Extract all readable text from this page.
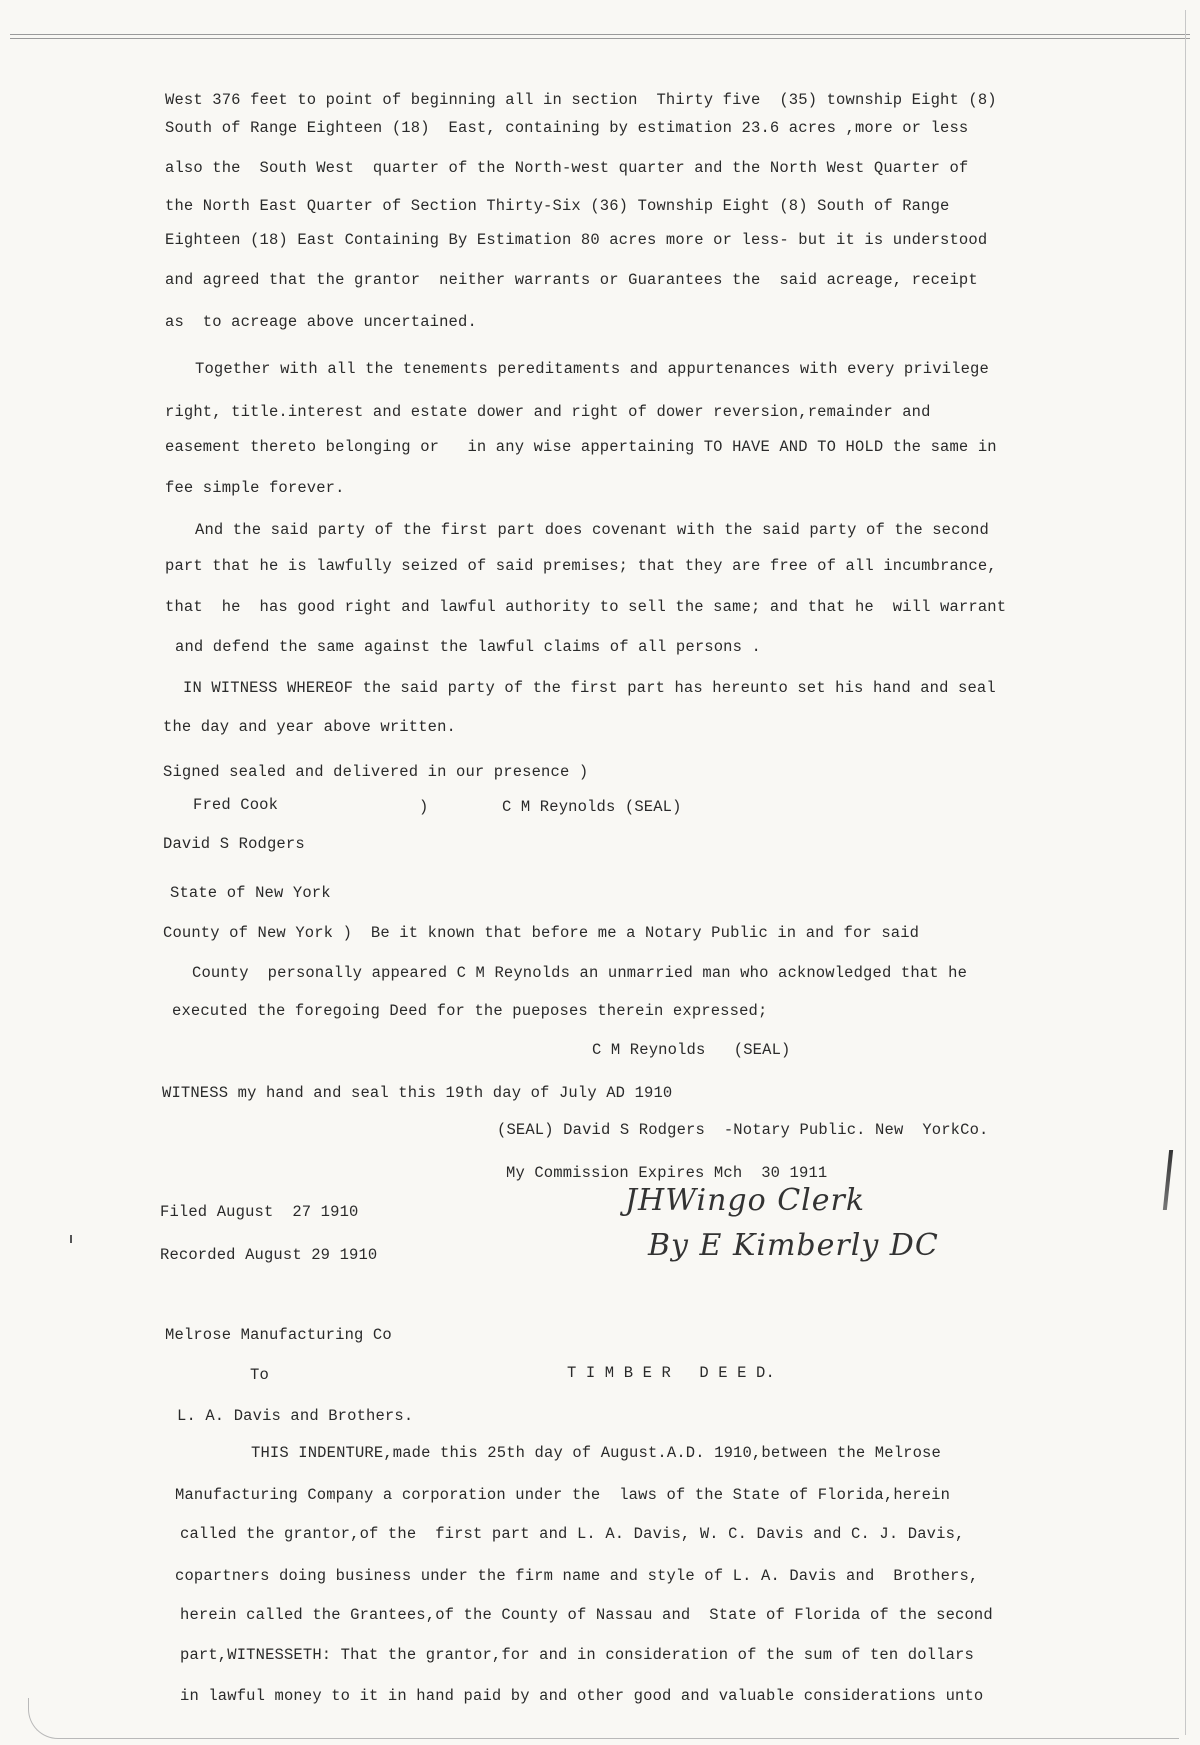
West 376 feet to point of beginning all in section  Thirty five  (35) township Eight (8)
South of Range Eighteen (18)  East, containing by estimation 23.6 acres ,more or less
also the  South West  quarter of the North-west quarter and the North West Quarter of
the North East Quarter of Section Thirty-Six (36) Township Eight (8) South of Range
Eighteen (18) East Containing By Estimation 80 acres more or less- but it is understood
and agreed that the grantor  neither warrants or Guarantees the  said acreage, receipt
as  to acreage above uncertained.
Together with all the tenements pereditaments and appurtenances with every privilege
right, title.interest and estate dower and right of dower reversion,remainder and
easement thereto belonging or   in any wise appertaining TO HAVE AND TO HOLD the same in
fee simple forever.
And the said party of the first part does covenant with the said party of the second
part that he is lawfully seized of said premises; that they are free of all incumbrance,
that  he  has good right and lawful authority to sell the same; and that he  will warrant
and defend the same against the lawful claims of all persons .
IN WITNESS WHEREOF the said party of the first part has hereunto set his hand and seal
the day and year above written.
Signed sealed and delivered in our presence )
Fred Cook	)	C M Reynolds (SEAL)
David S Rodgers
State of New York
County of New York )  Be it known that before me a Notary Public in and for said
County  personally appeared C M Reynolds an unmarried man who acknowledged that he
executed the foregoing Deed for the pueposes therein expressed;
C M Reynolds   (SEAL)
WITNESS my hand and seal this 19th day of July AD 1910
(SEAL) David S Rodgers  -Notary Public. New  YorkCo.
My Commission Expires Mch  30 1911
Filed August  27 1910
Recorded August 29 1910
JHWingo Clerk
By E Kimberly DC
Melrose Manufacturing Co
To	T I M B E R   D E E D.
L. A. Davis and Brothers.
THIS INDENTURE,made this 25th day of August.A.D. 1910,between the Melrose
Manufacturing Company a corporation under the  laws of the State of Florida,herein
called the grantor,of the  first part and L. A. Davis, W. C. Davis and C. J. Davis,
copartners doing business under the firm name and style of L. A. Davis and  Brothers,
herein called the Grantees,of the County of Nassau and  State of Florida of the second
part,WITNESSETH: That the grantor,for and in consideration of the sum of ten dollars
in lawful money to it in hand paid by and other good and valuable considerations unto
